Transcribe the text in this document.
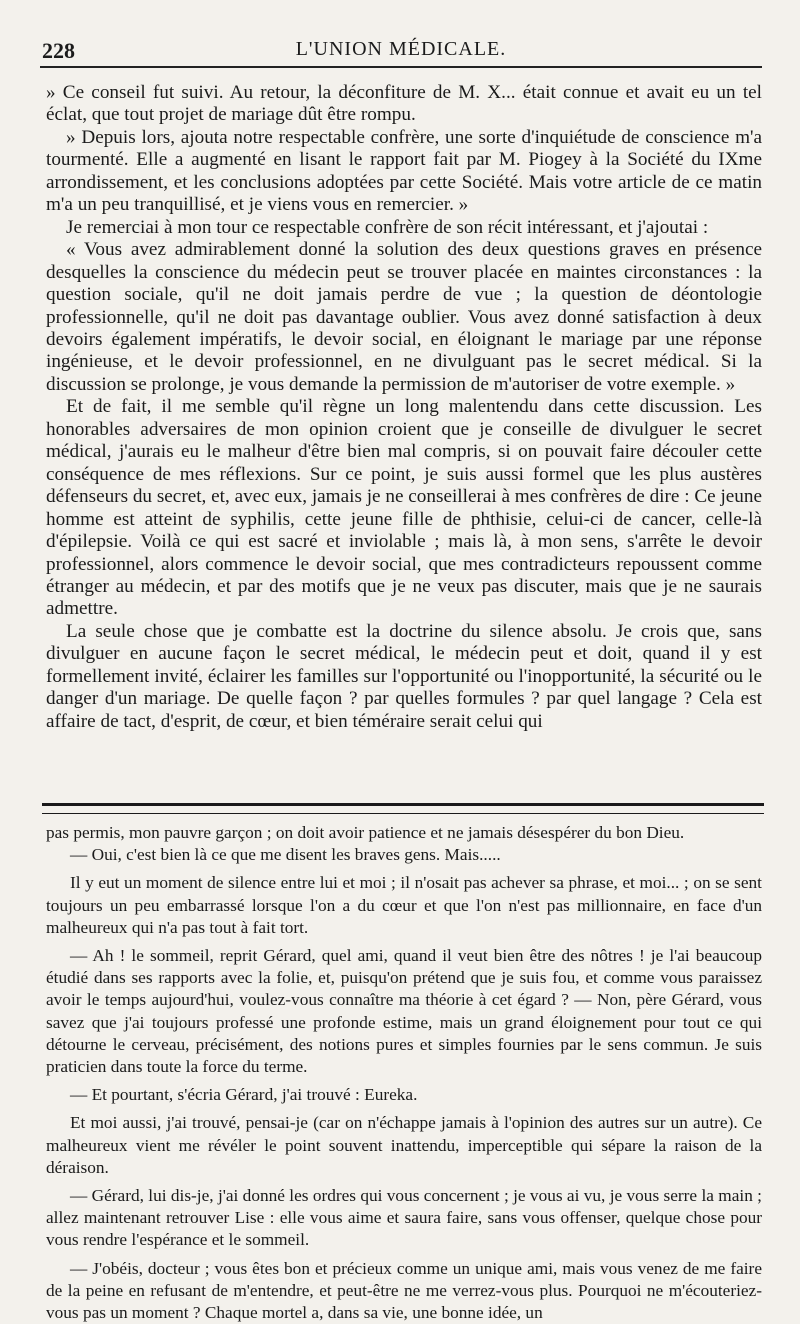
228	L'UNION MÉDICALE.

» Ce conseil fut suivi. Au retour, la déconfiture de M. X... était connue et avait eu un tel éclat, que tout projet de mariage dût être rompu.

» Depuis lors, ajouta notre respectable confrère, une sorte d'inquiétude de conscience m'a tourmenté. Elle a augmenté en lisant le rapport fait par M. Piogey à la Société du IXme arrondissement, et les conclusions adoptées par cette Société. Mais votre article de ce matin m'a un peu tranquillisé, et je viens vous en remercier. »

Je remerciai à mon tour ce respectable confrère de son récit intéressant, et j'ajoutai :

« Vous avez admirablement donné la solution des deux questions graves en présence desquelles la conscience du médecin peut se trouver placée en maintes circonstances : la question sociale, qu'il ne doit jamais perdre de vue ; la question de déontologie professionnelle, qu'il ne doit pas davantage oublier. Vous avez donné satisfaction à deux devoirs également impératifs, le devoir social, en éloignant le mariage par une réponse ingénieuse, et le devoir professionnel, en ne divulguant pas le secret médical. Si la discussion se prolonge, je vous demande la permission de m'autoriser de votre exemple. »

Et de fait, il me semble qu'il règne un long malentendu dans cette discussion. Les honorables adversaires de mon opinion croient que je conseille de divulguer le secret médical, j'aurais eu le malheur d'être bien mal compris, si on pouvait faire découler cette conséquence de mes réflexions. Sur ce point, je suis aussi formel que les plus austères défenseurs du secret, et, avec eux, jamais je ne conseillerai à mes confrères de dire : Ce jeune homme est atteint de syphilis, cette jeune fille de phthisie, celui-ci de cancer, celle-là d'épilepsie. Voilà ce qui est sacré et inviolable ; mais là, à mon sens, s'arrête le devoir professionnel, alors commence le devoir social, que mes contradicteurs repoussent comme étranger au médecin, et par des motifs que je ne veux pas discuter, mais que je ne saurais admettre.

La seule chose que je combatte est la doctrine du silence absolu. Je crois que, sans divulguer en aucune façon le secret médical, le médecin peut et doit, quand il y est formellement invité, éclairer les familles sur l'opportunité ou l'inopportunité, la sécurité ou le danger d'un mariage. De quelle façon ? par quelles formules ? par quel langage ? Cela est affaire de tact, d'esprit, de cœur, et bien téméraire serait celui qui

pas permis, mon pauvre garçon ; on doit avoir patience et ne jamais désespérer du bon Dieu.

— Oui, c'est bien là ce que me disent les braves gens. Mais.....

Il y eut un moment de silence entre lui et moi ; il n'osait pas achever sa phrase, et moi... ; on se sent toujours un peu embarrassé lorsque l'on a du cœur et que l'on n'est pas millionnaire, en face d'un malheureux qui n'a pas tout à fait tort.

— Ah ! le sommeil, reprit Gérard, quel ami, quand il veut bien être des nôtres ! je l'ai beaucoup étudié dans ses rapports avec la folie, et, puisqu'on prétend que je suis fou, et comme vous paraissez avoir le temps aujourd'hui, voulez-vous connaître ma théorie à cet égard ? — Non, père Gérard, vous savez que j'ai toujours professé une profonde estime, mais un grand éloignement pour tout ce qui détourne le cerveau, précisément, des notions pures et simples fournies par le sens commun. Je suis praticien dans toute la force du terme.

— Et pourtant, s'écria Gérard, j'ai trouvé : Eureka.

Et moi aussi, j'ai trouvé, pensai-je (car on n'échappe jamais à l'opinion des autres sur un autre). Ce malheureux vient me révéler le point souvent inattendu, imperceptible qui sépare la raison de la déraison.

— Gérard, lui dis-je, j'ai donné les ordres qui vous concernent ; je vous ai vu, je vous serre la main ; allez maintenant retrouver Lise : elle vous aime et saura faire, sans vous offenser, quelque chose pour vous rendre l'espérance et le sommeil.

— J'obéis, docteur ; vous êtes bon et précieux comme un unique ami, mais vous venez de me faire de la peine en refusant de m'entendre, et peut-être ne me verrez-vous plus. Pourquoi ne m'écouteriez-vous pas un moment ? Chaque mortel a, dans sa vie, une bonne idée, un
